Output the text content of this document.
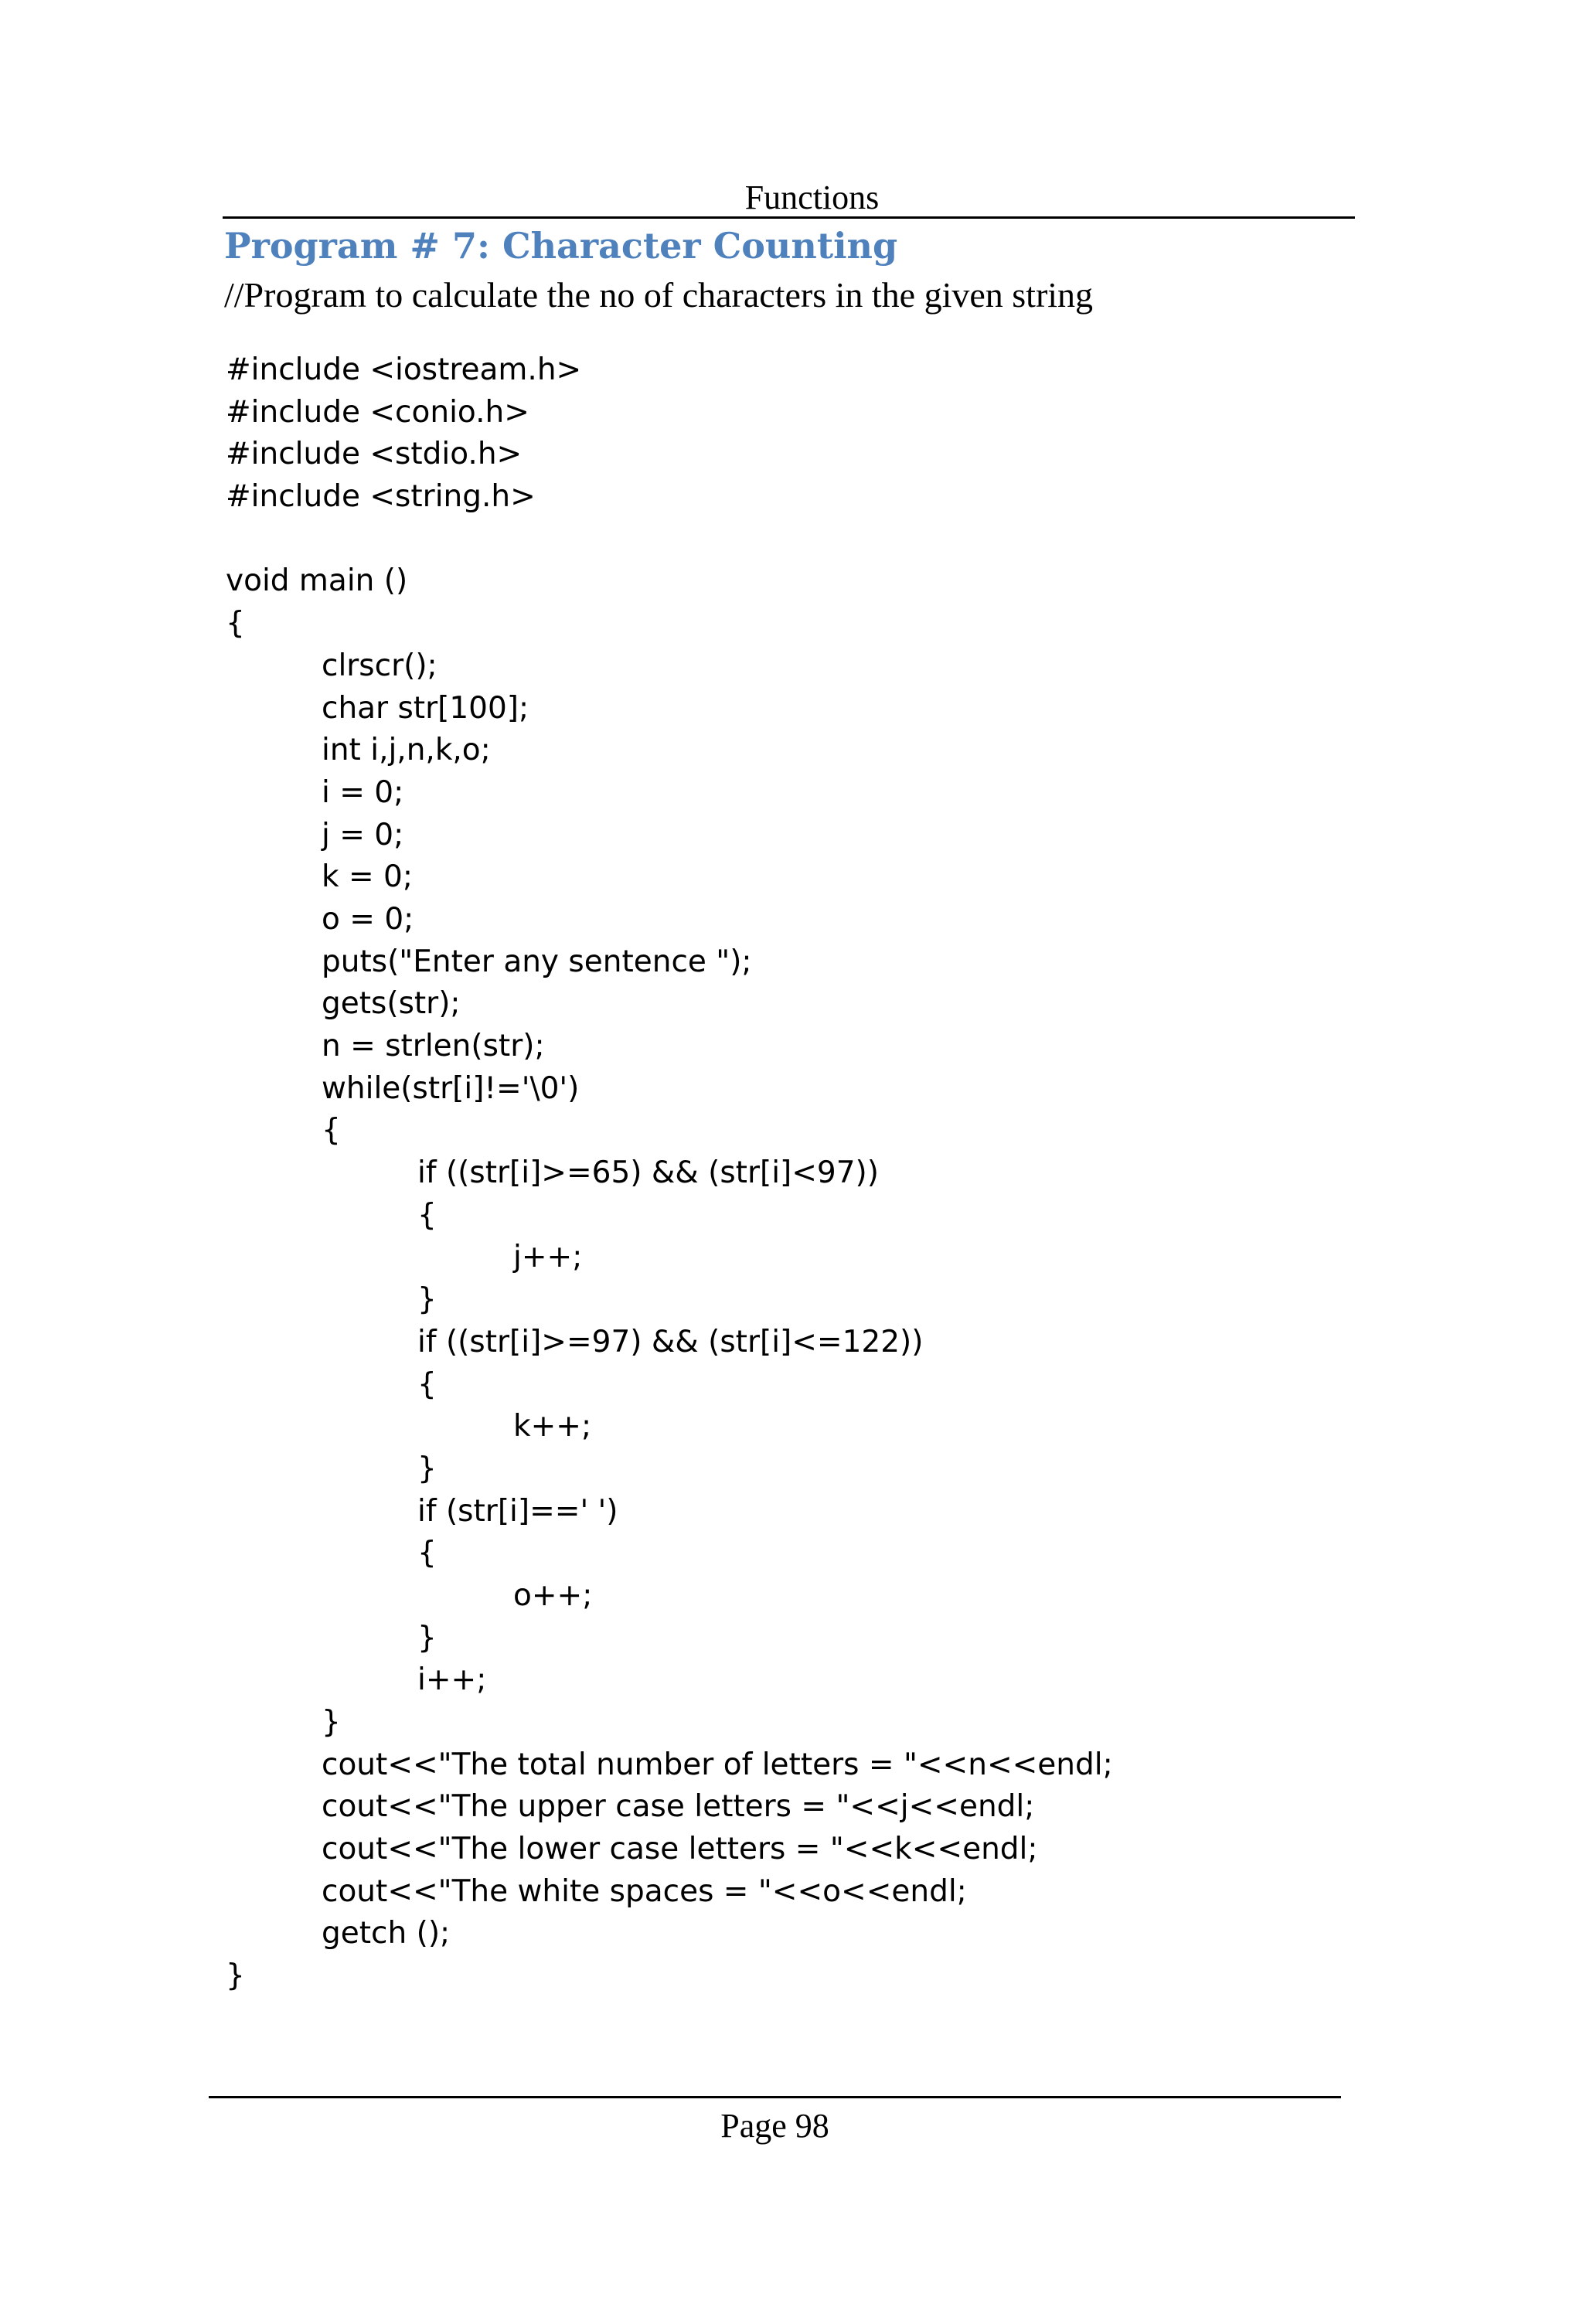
Functions
Program # 7: Character Counting
//Program to calculate the no of characters in the given string
#include <iostream.h>
#include <conio.h>
#include <stdio.h>
#include <string.h>
void main ()
{
clrscr();
char str[100];
int i,j,n,k,o;
i = 0;
j = 0;
k = 0;
o = 0;
puts("Enter any sentence ");
gets(str);
n = strlen(str);
while(str[i]!='\0')
{
if ((str[i]>=65) && (str[i]<97))
{
j++;
}
if ((str[i]>=97) && (str[i]<=122))
{
k++;
}
if (str[i]==' ')
{
o++;
}
i++;
}
cout<<"The total number of letters = "<<n<<endl;
cout<<"The upper case letters = "<<j<<endl;
cout<<"The lower case letters = "<<k<<endl;
cout<<"The white spaces = "<<o<<endl;
getch ();
}
Page 98
